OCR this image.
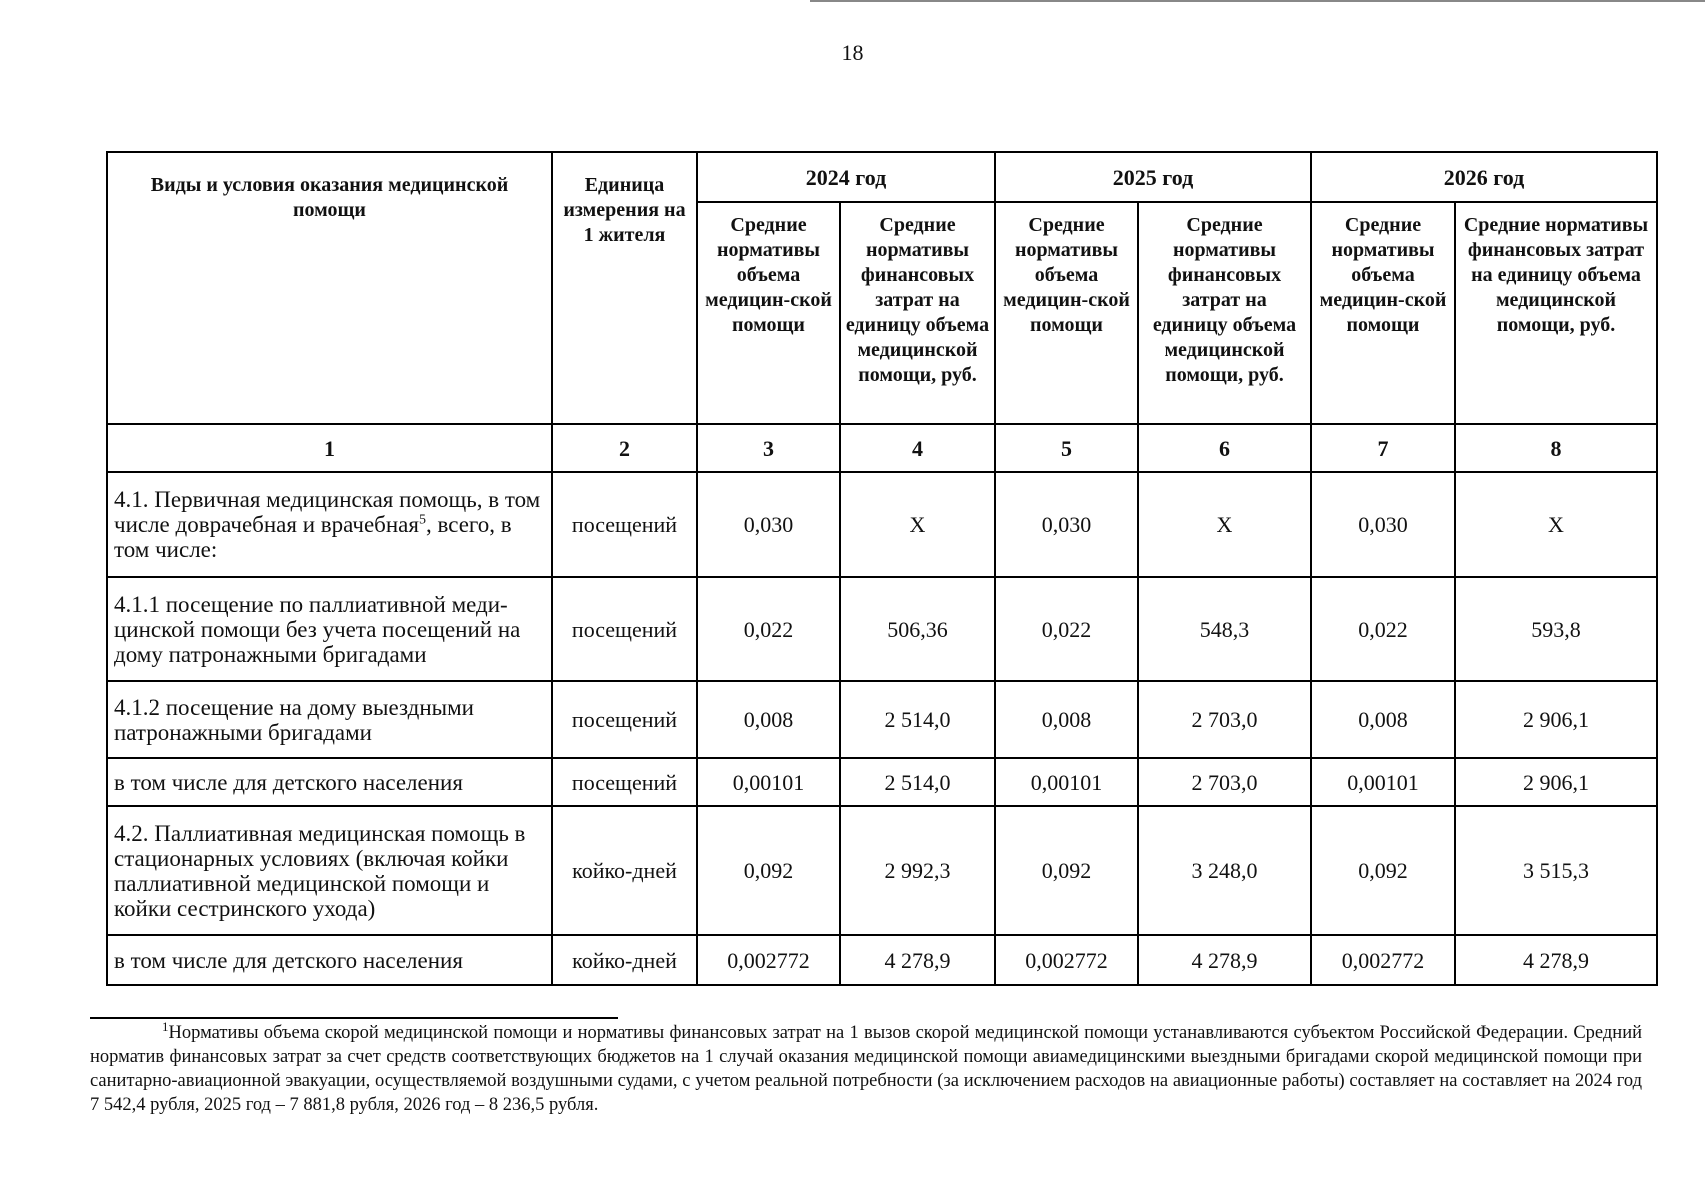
18
Виды и условия оказания медицинской помощи	Единица измерения на 1 жителя	2024 год		2025 год		2026 год	
		Средние нормативы объема медицин-ской помощи	Средние нормативы финансовых затрат на единицу объема медицинской помощи, руб.	Средние нормативы объема медицин-ской помощи	Средние нормативы финансовых затрат на единицу объема медицинской помощи, руб.	Средние нормативы объема медицин-ской помощи	Средние нормативы финансовых затрат на единицу объема медицинской помощи, руб.
1	2	3	4	5	6	7	8
4.1. Первичная медицинская помощь, в том числе доврачебная и врачебная$^5$, всего, в том числе:	посещений	0,030	Х	0,030	Х	0,030	Х
4.1.1 посещение по паллиативной меди-цинской помощи без учета посещений на дому патронажными бригадами	посещений	0,022	506,36	0,022	548,3	0,022	593,8
4.1.2 посещение на дому выездными патронажными бригадами	посещений	0,008	2 514,0	0,008	2 703,0	0,008	2 906,1
в том числе для детского населения	посещений	0,00101	2 514,0	0,00101	2 703,0	0,00101	2 906,1
4.2. Паллиативная медицинская помощь в стационарных условиях (включая койки паллиативной медицинской помощи и койки сестринского ухода)	койко-дней	0,092	2 992,3	0,092	3 248,0	0,092	3 515,3
в том числе для детского населения	койко-дней	0,002772	4 278,9	0,002772	4 278,9	0,002772	4 278,9
$^1$Нормативы объема скорой медицинской помощи и нормативы финансовых затрат на 1 вызов скорой медицинской помощи устанавливаются субъектом Российской Федерации. Средний норматив финансовых затрат за счет средств соответствующих бюджетов на 1 случай оказания медицинской помощи авиамедицинскими выездными бригадами скорой медицинской помощи при санитарно-авиационной эвакуации, осуществляемой воздушными судами, с учетом реальной потребности (за исключением расходов на авиационные работы) составляет на составляет на 2024 год 7 542,4 рубля, 2025 год – 7 881,8 рубля, 2026 год – 8 236,5 рубля.
